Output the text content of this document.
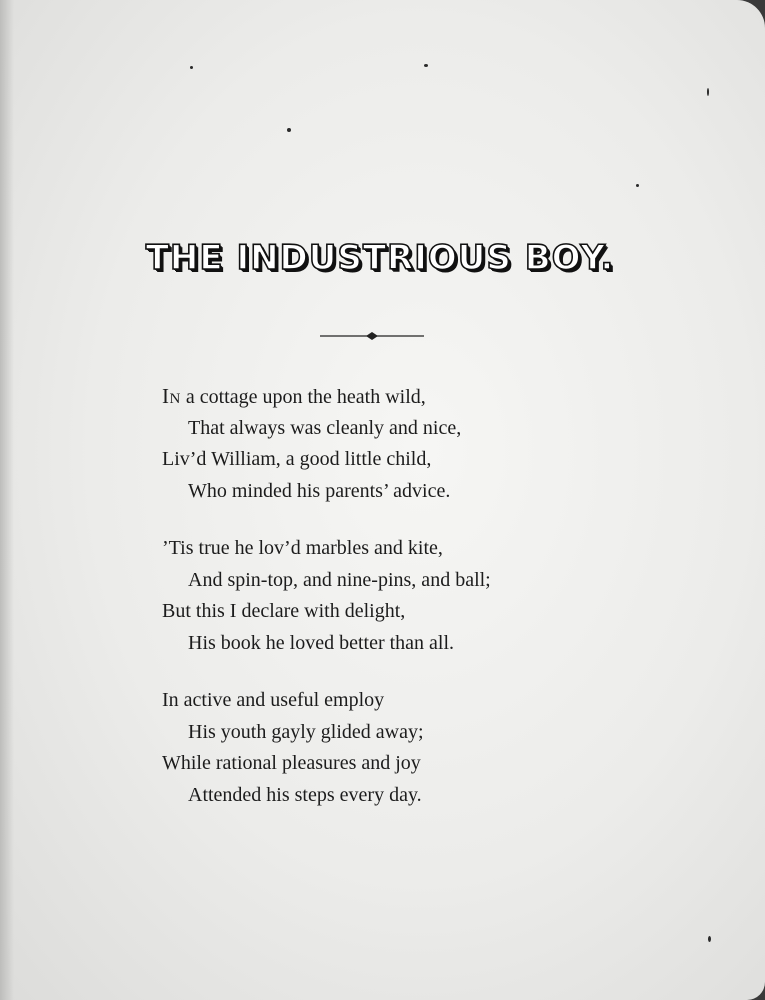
THE INDUSTRIOUS BOY.
IN a cottage upon the heath wild,
That always was cleanly and nice,
Liv’d William, a good little child,
Who minded his parents’ advice.
’Tis true he lov’d marbles and kite,
And spin-top, and nine-pins, and ball;
But this I declare with delight,
His book he loved better than all.
In active and useful employ
His youth gayly glided away;
While rational pleasures and joy
Attended his steps every day.
